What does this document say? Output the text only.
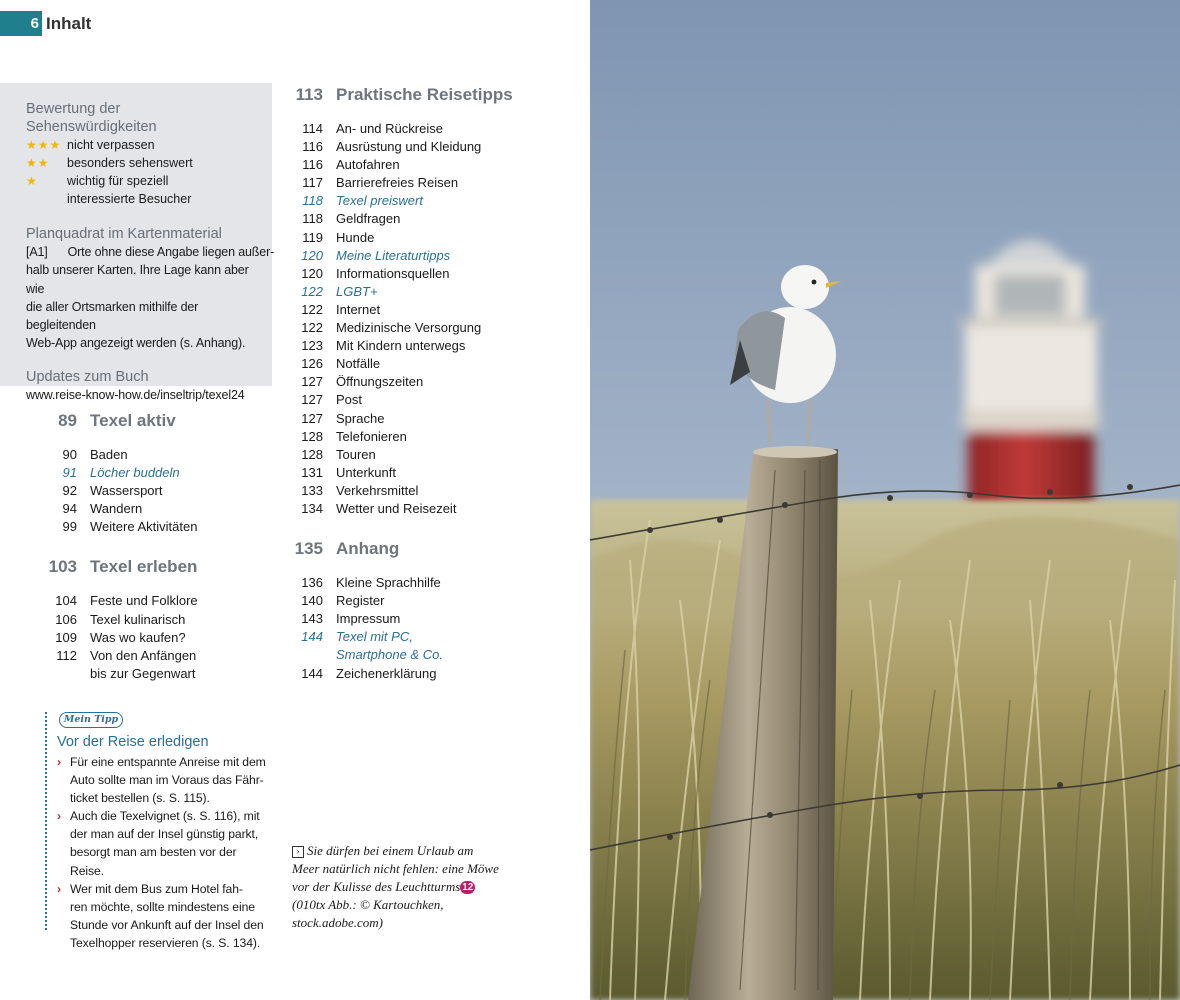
6 Inhalt
Bewertung der
Sehenswürdigkeiten
★★★ nicht verpassen
★★ besonders sehenswert
★ wichtig für speziell
interessierte Besucher
Planquadrat im Kartenmaterial
[A1]      Orte ohne diese Angabe liegen außer-
halb unserer Karten. Ihre Lage kann aber wie
die aller Ortsmarken mithilfe der begleitenden
Web-App angezeigt werden (s. Anhang).
Updates zum Buch
www.reise-know-how.de/inseltrip/texel24
89 Texel aktiv
90 Baden
91 Löcher buddeln
92 Wassersport
94 Wandern
99 Weitere Aktivitäten
103 Texel erleben
104 Feste und Folklore
106 Texel kulinarisch
109 Was wo kaufen?
112 Von den Anfängen
bis zur Gegenwart
113 Praktische Reisetipps
114 An- und Rückreise
116 Ausrüstung und Kleidung
116 Autofahren
117 Barrierefreies Reisen
118 Texel preiswert
118 Geldfragen
119 Hunde
120 Meine Literaturtipps
120 Informationsquellen
122 LGBT+
122 Internet
122 Medizinische Versorgung
123 Mit Kindern unterwegs
126 Notfälle
127 Öffnungszeiten
127 Post
127 Sprache
128 Telefonieren
128 Touren
131 Unterkunft
133 Verkehrsmittel
134 Wetter und Reisezeit
135 Anhang
136 Kleine Sprachhilfe
140 Register
143 Impressum
144 Texel mit PC,
Smartphone & Co.
144 Zeichenerklärung
Mein Tipp
Vor der Reise erledigen
› Für eine entspannte Anreise mit dem
Auto sollte man im Voraus das Fähr-
ticket bestellen (s. S. 115).
› Auch die Texelvignet (s. S. 116), mit
der man auf der Insel günstig parkt,
besorgt man am besten vor der Reise.
› Wer mit dem Bus zum Hotel fah-
ren möchte, sollte mindestens eine
Stunde vor Ankunft auf der Insel den
Texelhopper reservieren (s. S. 134).
› Sie dürfen bei einem Urlaub am
Meer natürlich nicht fehlen: eine Möwe
vor der Kulisse des Leuchtturms 12
(010tx Abb.: © Kartouchken,
stock.adobe.com)
